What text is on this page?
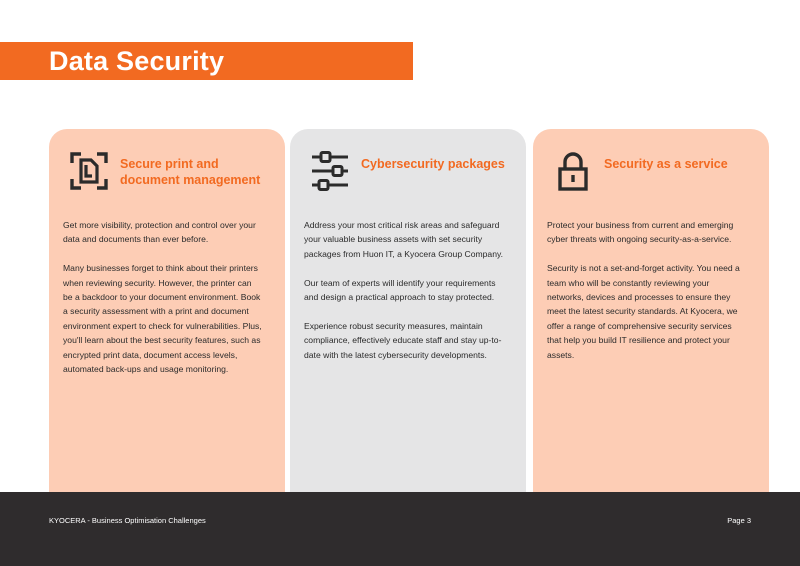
Data Security
Secure print and document management

Get more visibility, protection and control over your data and documents than ever before.

Many businesses forget to think about their printers when reviewing security. However, the printer can be a backdoor to your document environment. Book a security assessment with a print and document environment expert to check for vulnerabilities. Plus, you'll learn about the best security features, such as encrypted print data, document access levels, automated back-ups and usage monitoring.

Cybersecurity packages

Address your most critical risk areas and safeguard your valuable business assets with set security packages from Huon IT, a Kyocera Group Company.

Our team of experts will identify your requirements and design a practical approach to stay protected.

Experience robust security measures, maintain compliance, effectively educate staff and stay up-to-date with the latest cybersecurity developments.

Security as a service

Protect your business from current and emerging cyber threats with ongoing security-as-a-service.

Security is not a set-and-forget activity. You need a team who will be constantly reviewing your networks, devices and processes to ensure they meet the latest security standards. At Kyocera, we offer a range of comprehensive security services that help you build IT resilience and protect your assets.

KYOCERA - Business Optimisation Challenges	Page 3
